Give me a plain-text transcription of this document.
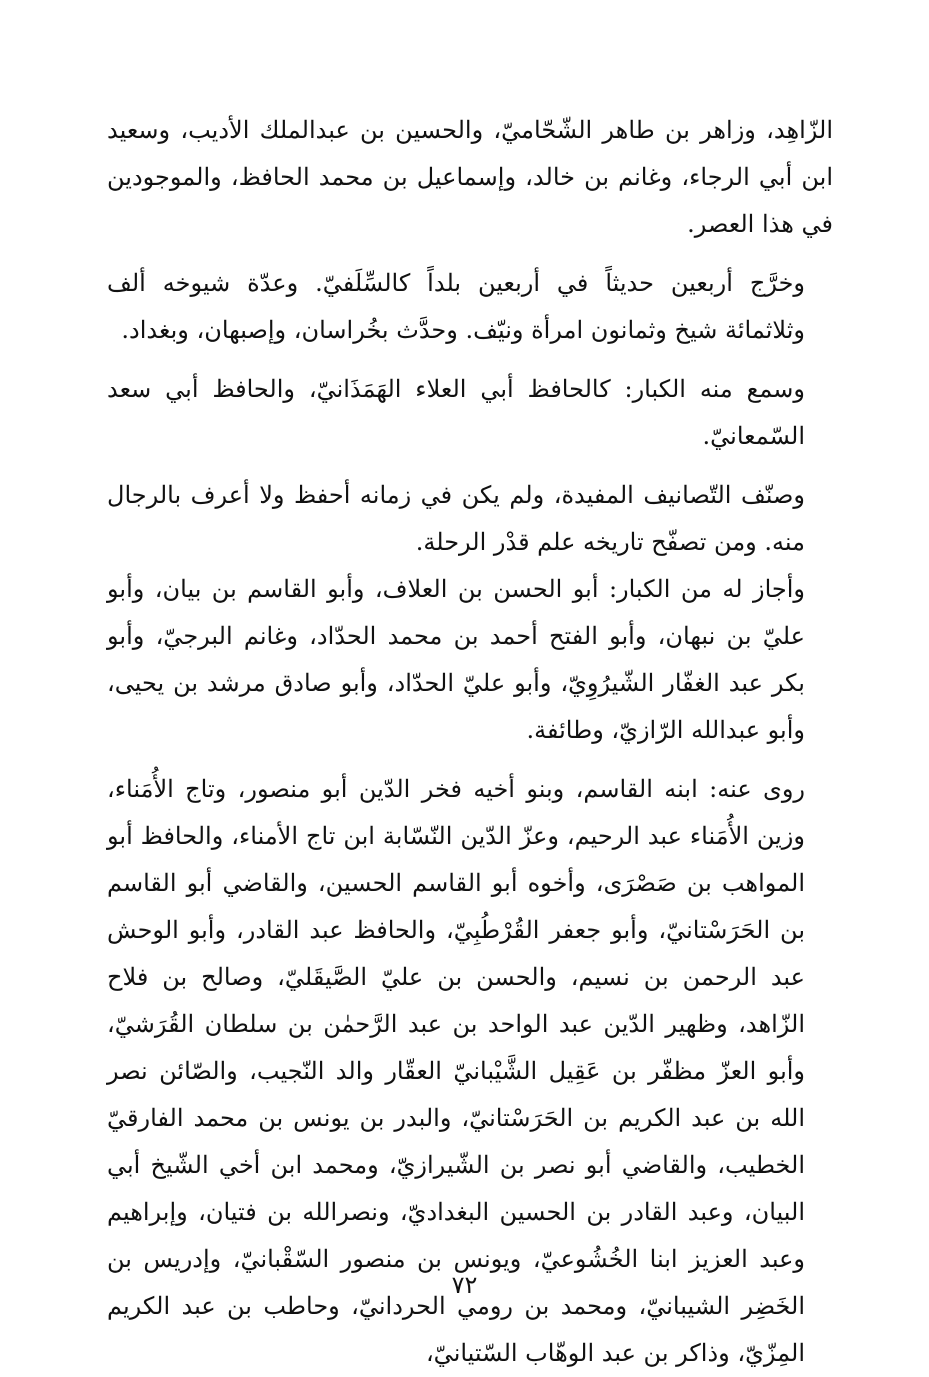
الزّاهِد، وزاهر بن طاهر الشّحّاميّ، والحسين بن عبدالملك الأديب، وسعيد ابن أبي الرجاء، وغانم بن خالد، وإسماعيل بن محمد الحافظ، والموجودين في هذا العصر.

وخرَّج أربعين حديثاً في أربعين بلداً كالسِّلَفيّ. وعدّة شيوخه ألف وثلاثمائة شيخ وثمانون امرأة ونيّف. وحدَّث بخُراسان، وإصبهان، وبغداد.

وسمع منه الكبار: كالحافظ أبي العلاء الهَمَذَانيّ، والحافظ أبي سعد السّمعانيّ.

وصنّف التّصانيف المفيدة، ولم يكن في زمانه أحفظ ولا أعرف بالرجال منه. ومن تصفّح تاريخه علم قدْر الرحلة.

وأجاز له من الكبار: أبو الحسن بن العلاف، وأبو القاسم بن بيان، وأبو عليّ بن نبهان، وأبو الفتح أحمد بن محمد الحدّاد، وغانم البرجيّ، وأبو بكر عبد الغفّار الشّيرُوِيّ، وأبو عليّ الحدّاد، وأبو صادق مرشد بن يحيى، وأبو عبدالله الرّازيّ، وطائفة.

روى عنه: ابنه القاسم، وبنو أخيه فخر الدّين أبو منصور، وتاج الأُمَناء، وزين الأُمَناء عبد الرحيم، وعزّ الدّين النّسّابة ابن تاج الأمناء، والحافظ أبو المواهب بن صَصْرَى، وأخوه أبو القاسم الحسين، والقاضي أبو القاسم بن الحَرَسْتانيّ، وأبو جعفر القُرْطُبِيّ، والحافظ عبد القادر، وأبو الوحش عبد الرحمن بن نسيم، والحسن بن عليّ الصَّيقَليّ، وصالح بن فلاح الزّاهد، وظهير الدّين عبد الواحد بن عبد الرَّحمٰن بن سلطان القُرَشيّ، وأبو العزّ مظفّر بن عَقِيل الشَّيْبانيّ العقّار والد النّجيب، والصّائن نصر الله بن عبد الكريم بن الحَرَسْتانيّ، والبدر بن يونس بن محمد الفارقيّ الخطيب، والقاضي أبو نصر بن الشّيرازيّ، ومحمد ابن أخي الشّيخ أبي البيان، وعبد القادر بن الحسين البغداديّ، ونصرالله بن فتيان، وإبراهيم وعبد العزيز ابنا الخُشُوعيّ، ويونس بن منصور السّقْبانيّ، وإدريس بن الخَضِر الشيبانيّ، ومحمد بن رومي الحردانيّ، وحاطب بن عبد الكريم المِزّيّ، وذاكر بن عبد الوهّاب السّتيانيّ،

٧٢
